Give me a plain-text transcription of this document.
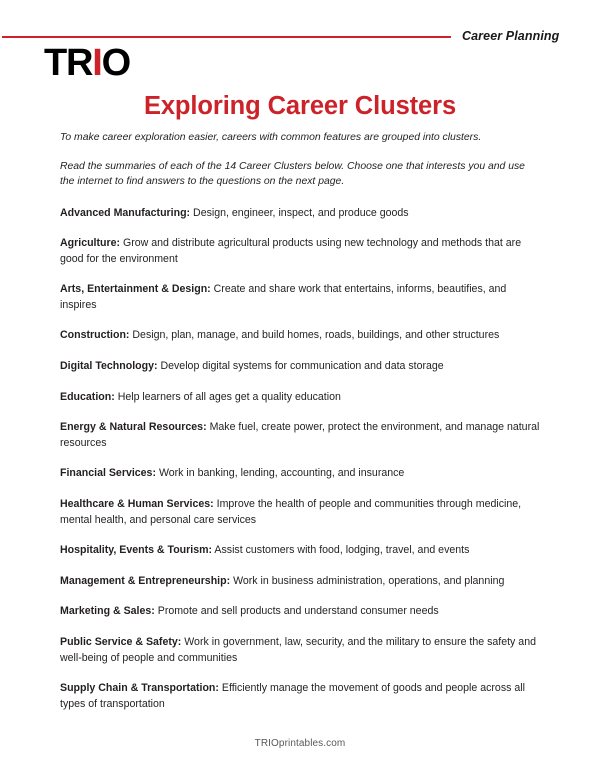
Career Planning
TRIO
Exploring Career Clusters

To make career exploration easier, careers with common features are grouped into clusters.

Read the summaries of each of the 14 Career Clusters below. Choose one that interests you and use the internet to find answers to the questions on the next page.

Advanced Manufacturing: Design, engineer, inspect, and produce goods

Agriculture: Grow and distribute agricultural products using new technology and methods that are good for the environment

Arts, Entertainment & Design: Create and share work that entertains, informs, beautifies, and inspires

Construction: Design, plan, manage, and build homes, roads, buildings, and other structures

Digital Technology: Develop digital systems for communication and data storage

Education: Help learners of all ages get a quality education

Energy & Natural Resources: Make fuel, create power, protect the environment, and manage natural resources

Financial Services: Work in banking, lending, accounting, and insurance

Healthcare & Human Services: Improve the health of people and communities through medicine, mental health, and personal care services

Hospitality, Events & Tourism: Assist customers with food, lodging, travel, and events

Management & Entrepreneurship: Work in business administration, operations, and planning

Marketing & Sales: Promote and sell products and understand consumer needs

Public Service & Safety: Work in government, law, security, and the military to ensure the safety and well-being of people and communities

Supply Chain & Transportation: Efficiently manage the movement of goods and people across all types of transportation

TRIOprintables.com
